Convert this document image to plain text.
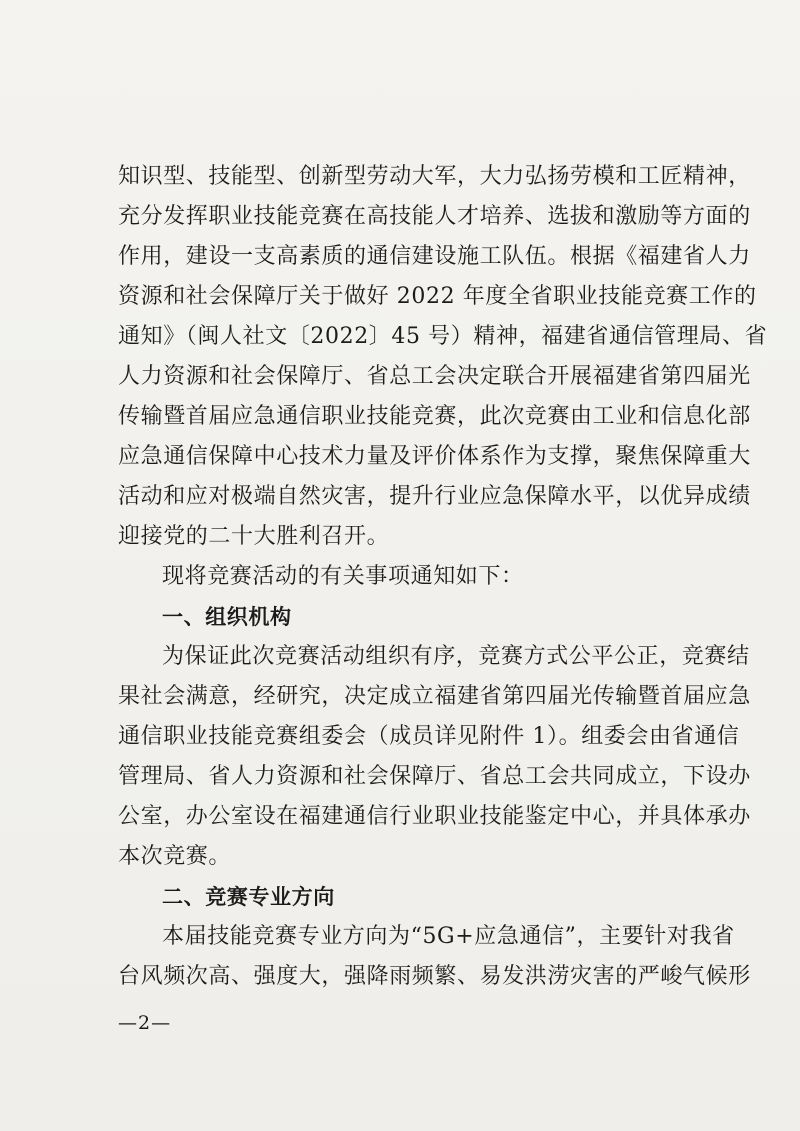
知识型、技能型、创新型劳动大军，大力弘扬劳模和工匠精神，
充分发挥职业技能竞赛在高技能人才培养、选拔和激励等方面的
作用，建设一支高素质的通信建设施工队伍。根据《福建省人力
资源和社会保障厅关于做好 2022 年度全省职业技能竞赛工作的
通知》（闽人社文〔2022〕45 号）精神，福建省通信管理局、省
人力资源和社会保障厅、省总工会决定联合开展福建省第四届光
传输暨首届应急通信职业技能竞赛，此次竞赛由工业和信息化部
应急通信保障中心技术力量及评价体系作为支撑，聚焦保障重大
活动和应对极端自然灾害，提升行业应急保障水平，以优异成绩
迎接党的二十大胜利召开。
现将竞赛活动的有关事项通知如下：
一、组织机构
为保证此次竞赛活动组织有序，竞赛方式公平公正，竞赛结
果社会满意，经研究，决定成立福建省第四届光传输暨首届应急
通信职业技能竞赛组委会（成员详见附件 1）。组委会由省通信
管理局、省人力资源和社会保障厅、省总工会共同成立，下设办
公室，办公室设在福建通信行业职业技能鉴定中心，并具体承办
本次竞赛。
二、竞赛专业方向
本届技能竞赛专业方向为“5G+应急通信”，主要针对我省
台风频次高、强度大，强降雨频繁、易发洪涝灾害的严峻气候形
—2—
